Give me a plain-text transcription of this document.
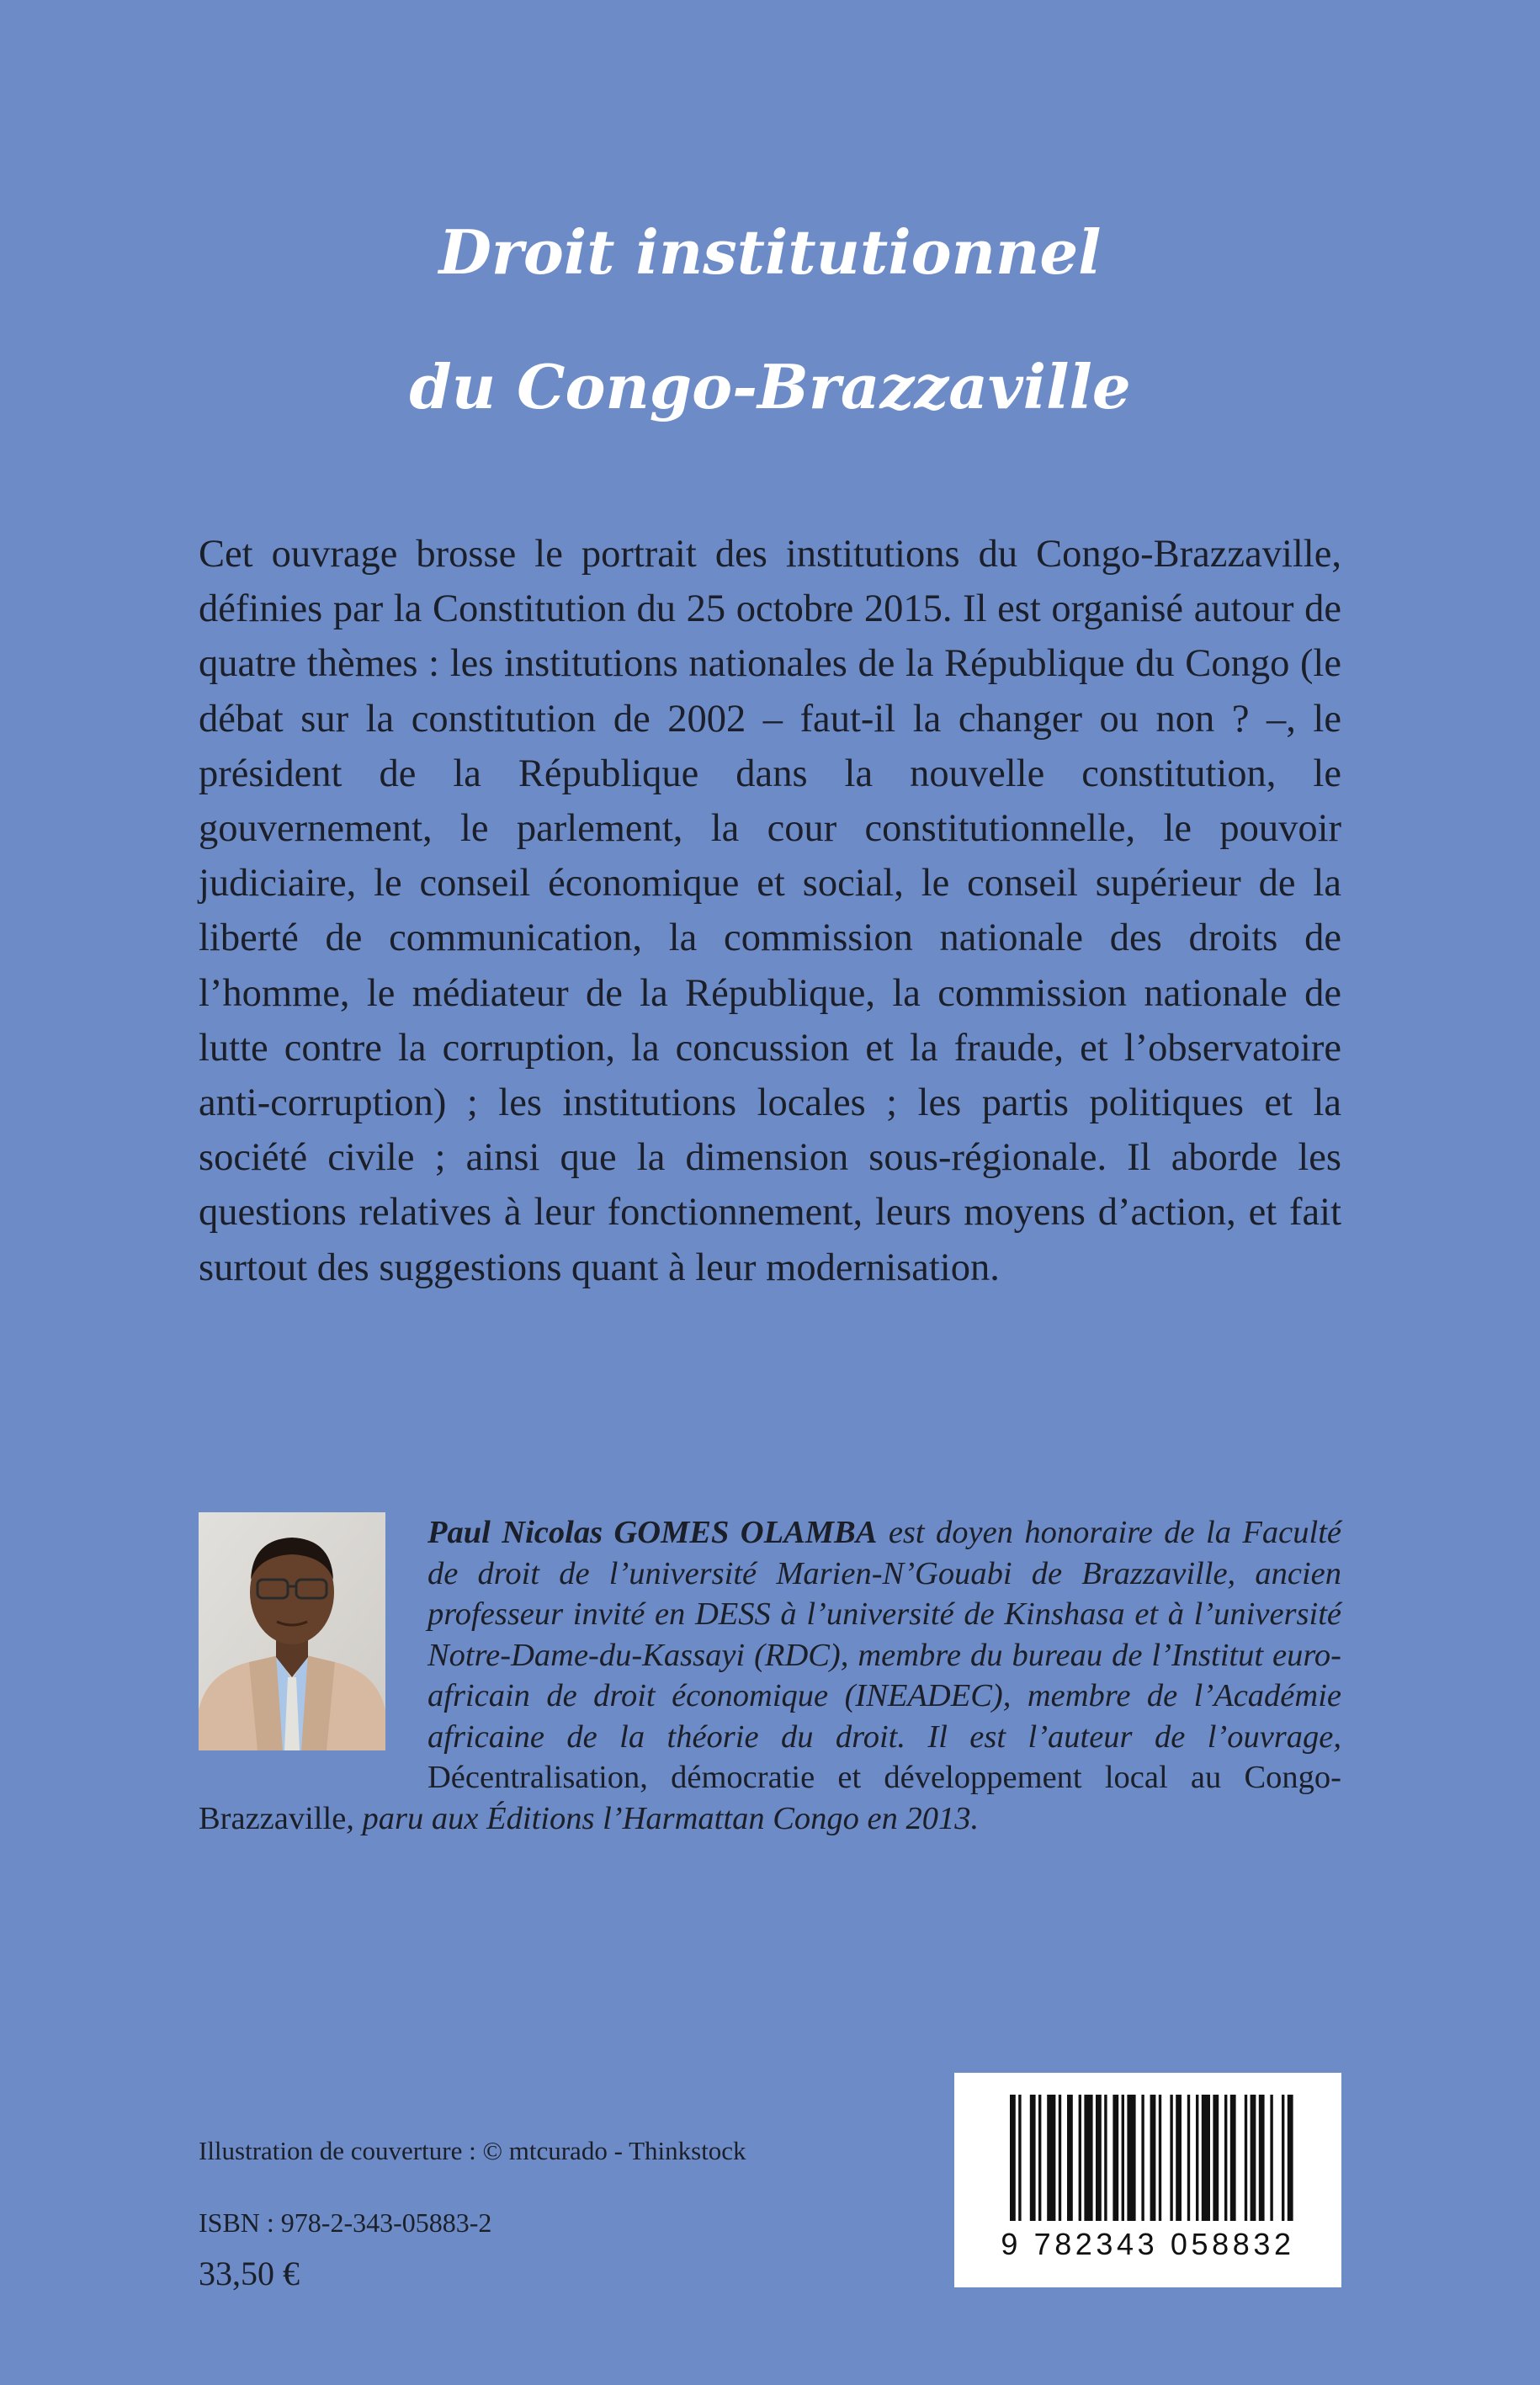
Droit institutionnel
du Congo-Brazzaville

Cet ouvrage brosse le portrait des institutions du Congo-Brazzaville, définies par la Constitution du 25 octobre 2015. Il est organisé autour de quatre thèmes : les institutions nationales de la République du Congo (le débat sur la constitution de 2002 – faut-il la changer ou non ? –, le président de la République dans la nouvelle constitution, le gouvernement, le parlement, la cour constitutionnelle, le pouvoir judiciaire, le conseil économique et social, le conseil supérieur de la liberté de communication, la commission nationale des droits de l’homme, le médiateur de la République, la commission nationale de lutte contre la corruption, la concussion et la fraude, et l’observatoire anti-corruption) ; les institutions locales ; les partis politiques et la société civile ; ainsi que la dimension sous-régionale. Il aborde les questions relatives à leur fonctionnement, leurs moyens d’action, et fait surtout des suggestions quant à leur modernisation.

Paul Nicolas GOMES OLAMBA est doyen honoraire de la Faculté de droit de l’université Marien-N’Gouabi de Brazzaville, ancien professeur invité en DESS à l’université de Kinshasa et à l’université Notre-Dame-du-Kassayi (RDC), membre du bureau de l’Institut euro-africain de droit économique (INEADEC), membre de l’Académie africaine de la théorie du droit. Il est l’auteur de l’ouvrage, Décentralisation, démocratie et développement local au Congo-Brazzaville, paru aux Éditions l’Harmattan Congo en 2013.

Illustration de couverture : © mtcurado - Thinkstock

ISBN : 978-2-343-05883-2

33,50 €

9 782343 058832
